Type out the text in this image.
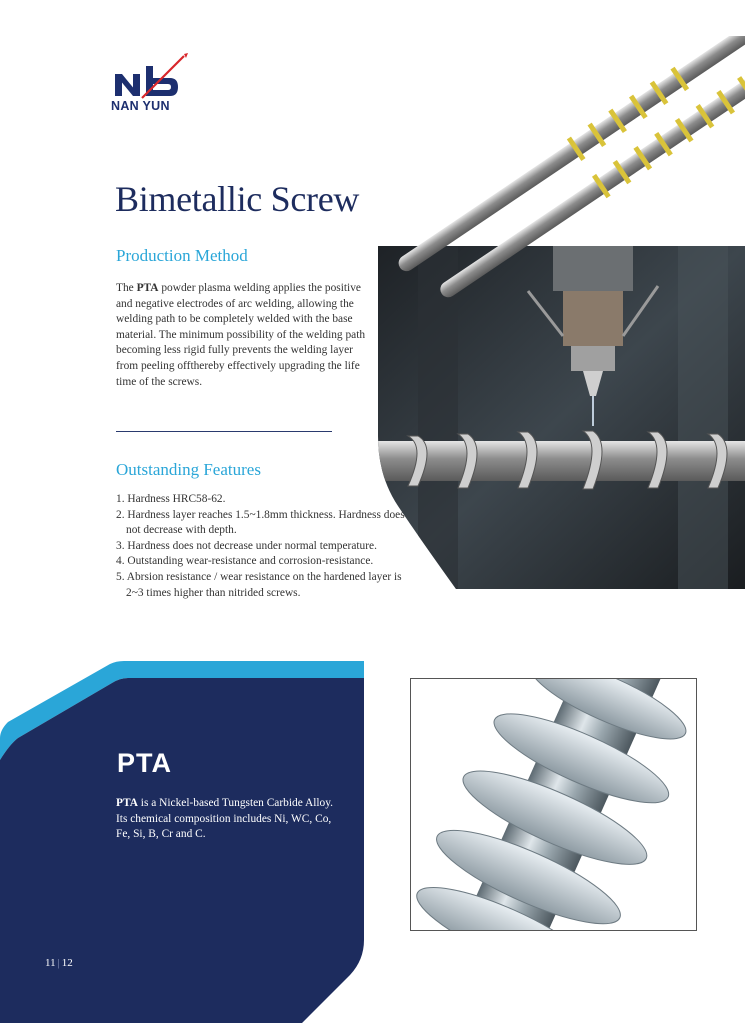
NAN YUN
Bimetallic Screw
Production Method
The PTA powder plasma welding applies the positive and negative electrodes of arc welding, allowing the welding path to be completely welded with the base material. The minimum possibility of the welding path becoming less rigid fully prevents the welding layer from peeling offthereby effectively upgrading the life time of the screws.
Outstanding Features
1. Hardness HRC58-62.
2. Hardness layer reaches 1.5~1.8mm thickness. Hardness does not decrease with depth.
3. Hardness does not decrease under normal temperature.
4. Outstanding wear-resistance and corrosion-resistance.
5. Abrsion resistance / wear resistance on the hardened layer is 2~3 times higher than nitrided screws.
PTA
PTA is a Nickel-based Tungsten Carbide Alloy. Its chemical composition includes Ni, WC, Co, Fe, Si, B, Cr and C.
11 | 12
